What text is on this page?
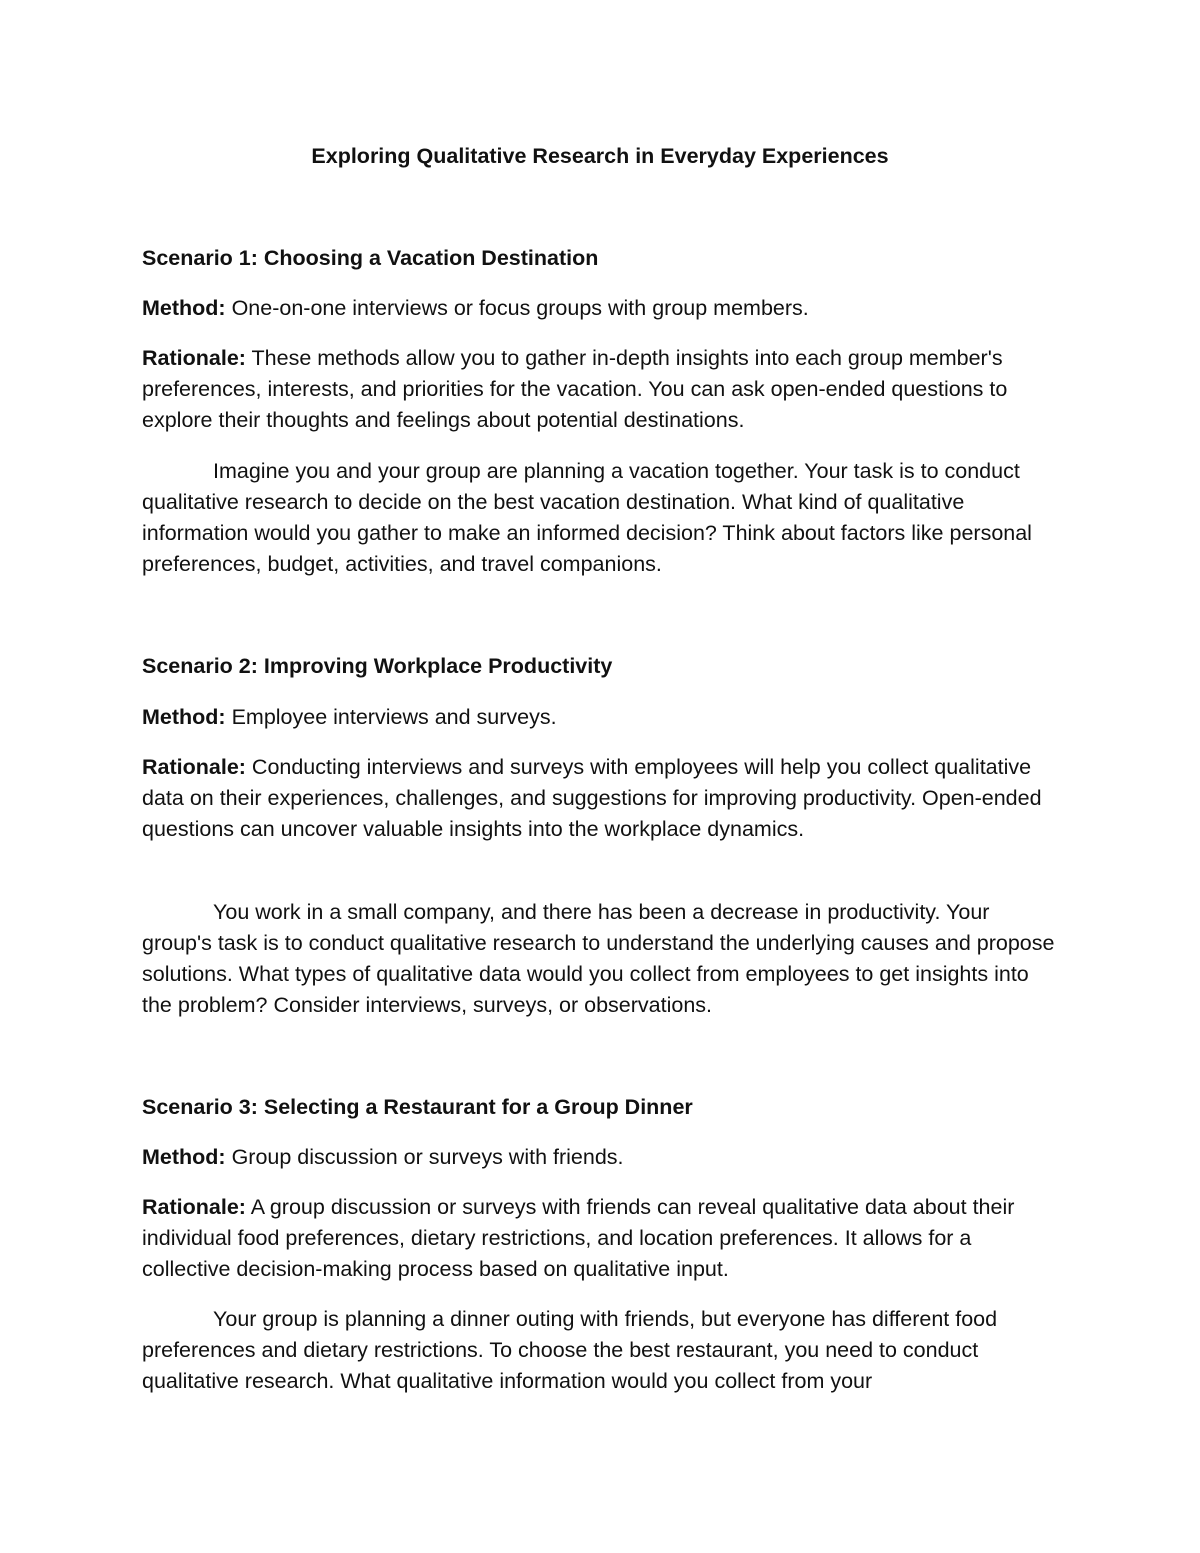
Exploring Qualitative Research in Everyday Experiences

Scenario 1: Choosing a Vacation Destination

Method: One-on-one interviews or focus groups with group members.

Rationale: These methods allow you to gather in-depth insights into each group member's preferences, interests, and priorities for the vacation. You can ask open-ended questions to explore their thoughts and feelings about potential destinations.

Imagine you and your group are planning a vacation together. Your task is to conduct qualitative research to decide on the best vacation destination. What kind of qualitative information would you gather to make an informed decision? Think about factors like personal preferences, budget, activities, and travel companions.

Scenario 2: Improving Workplace Productivity

Method: Employee interviews and surveys.

Rationale: Conducting interviews and surveys with employees will help you collect qualitative data on their experiences, challenges, and suggestions for improving productivity. Open-ended questions can uncover valuable insights into the workplace dynamics.

You work in a small company, and there has been a decrease in productivity. Your group's task is to conduct qualitative research to understand the underlying causes and propose solutions. What types of qualitative data would you collect from employees to get insights into the problem? Consider interviews, surveys, or observations.

Scenario 3: Selecting a Restaurant for a Group Dinner

Method: Group discussion or surveys with friends.

Rationale: A group discussion or surveys with friends can reveal qualitative data about their individual food preferences, dietary restrictions, and location preferences. It allows for a collective decision-making process based on qualitative input.

Your group is planning a dinner outing with friends, but everyone has different food preferences and dietary restrictions. To choose the best restaurant, you need to conduct qualitative research. What qualitative information would you collect from your
